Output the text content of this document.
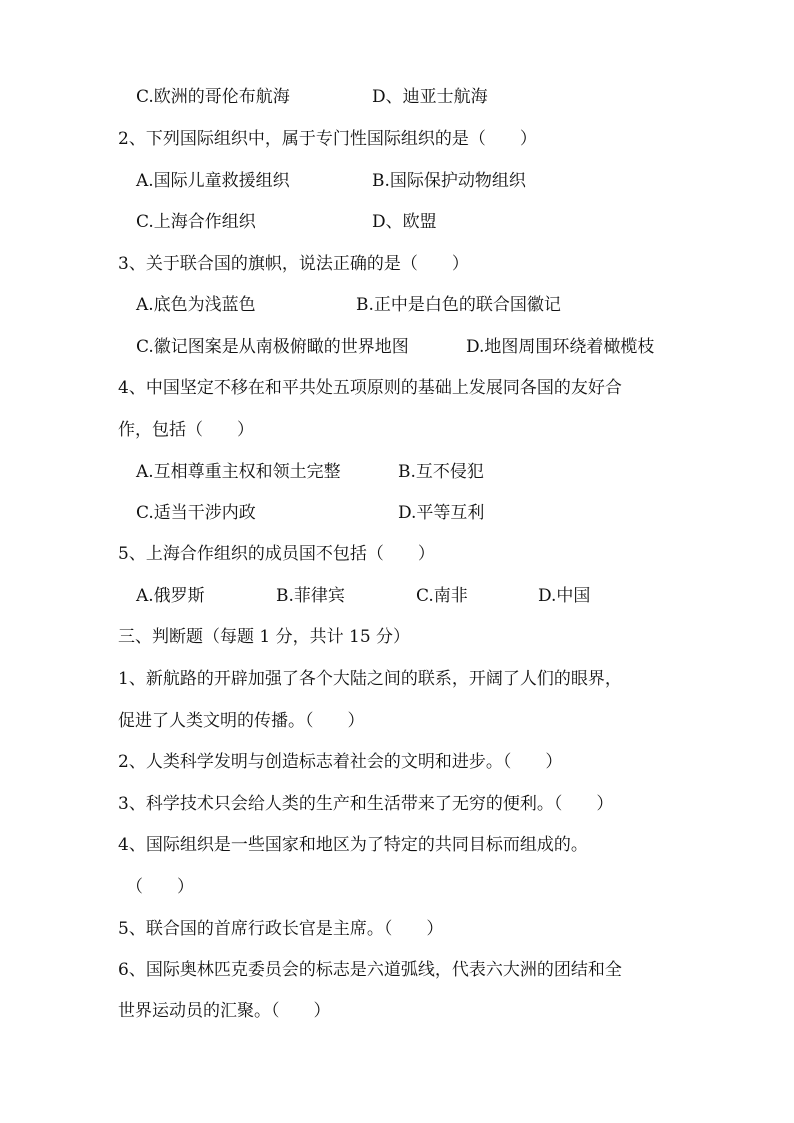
C.欧洲的哥伦布航海	D、迪亚士航海
2、下列国际组织中，属于专门性国际组织的是（　　）
A.国际儿童救援组织	B.国际保护动物组织
C.上海合作组织	D、欧盟
3、关于联合国的旗帜，说法正确的是（　　）
A.底色为浅蓝色	B.正中是白色的联合国徽记
C.徽记图案是从南极俯瞰的世界地图	D.地图周围环绕着橄榄枝
4、中国坚定不移在和平共处五项原则的基础上发展同各国的友好合
作，包括（　　）
A.互相尊重主权和领土完整	B.互不侵犯
C.适当干涉内政	D.平等互利
5、上海合作组织的成员国不包括（　　）
A.俄罗斯	B.菲律宾	C.南非	D.中国
三、判断题（每题 1 分，共计 15 分）
1、新航路的开辟加强了各个大陆之间的联系，开阔了人们的眼界，
促进了人类文明的传播。（　　）
2、人类科学发明与创造标志着社会的文明和进步。（　　）
3、科学技术只会给人类的生产和生活带来了无穷的便利。（　　）
4、国际组织是一些国家和地区为了特定的共同目标而组成的。
（　　）
5、联合国的首席行政长官是主席。（　　）
6、国际奥林匹克委员会的标志是六道弧线，代表六大洲的团结和全
世界运动员的汇聚。（　　）
